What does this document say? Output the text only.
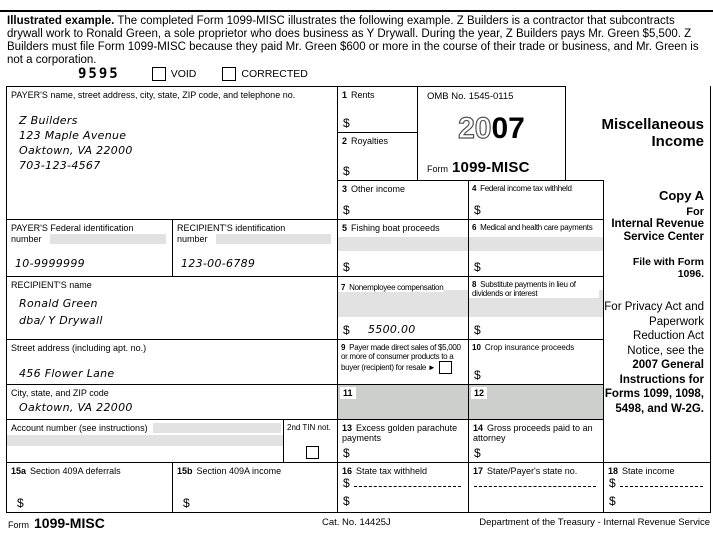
Illustrated example. The completed Form 1099-MISC illustrates the following example. Z Builders is a contractor that subcontracts drywall work to Ronald Green, a sole proprietor who does business as Y Drywall. During the year, Z Builders pays Mr. Green $5,500. Z Builders must file Form 1099-MISC because they paid Mr. Green $600 or more in the course of their trade or business, and Mr. Green is not a corporation.
9595	VOID	CORRECTED
PAYER'S name, street address, city, state, ZIP code, and telephone no.
Z Builders
123 Maple Avenue
Oaktown, VA 22000
703-123-4567
1 Rents
$
2 Royalties
$
OMB No. 1545-0115
2007
Form 1099-MISC
Miscellaneous
Income
3 Other income
$
4 Federal income tax withheld
$
Copy A
For
Internal Revenue
Service Center
File with Form 1096.
For Privacy Act and Paperwork Reduction Act Notice, see the 2007 General Instructions for Forms 1099, 1098, 5498, and W-2G.
PAYER'S Federal identification
number
10-9999999
RECIPIENT'S identification
number
123-00-6789
5 Fishing boat proceeds
$
6 Medical and health care payments
$
RECIPIENT'S name
Ronald Green
dba/ Y Drywall
7 Nonemployee compensation
$ 5500.00
8 Substitute payments in lieu of dividends or interest
$
Street address (including apt. no.)
456 Flower Lane
9 Payer made direct sales of $5,000 or more of consumer products to a buyer (recipient) for resale ►
10 Crop insurance proceeds
$
City, state, and ZIP code
Oaktown, VA 22000
11	12
Account number (see instructions)	2nd TIN not.	13 Excess golden parachute payments
$
14 Gross proceeds paid to an attorney
$
15a Section 409A deferrals
$
15b Section 409A income
$
16 State tax withheld
$
$
17 State/Payer's state no.	18 State income
$
$
Form 1099-MISC	Cat. No. 14425J	Department of the Treasury - Internal Revenue Service
